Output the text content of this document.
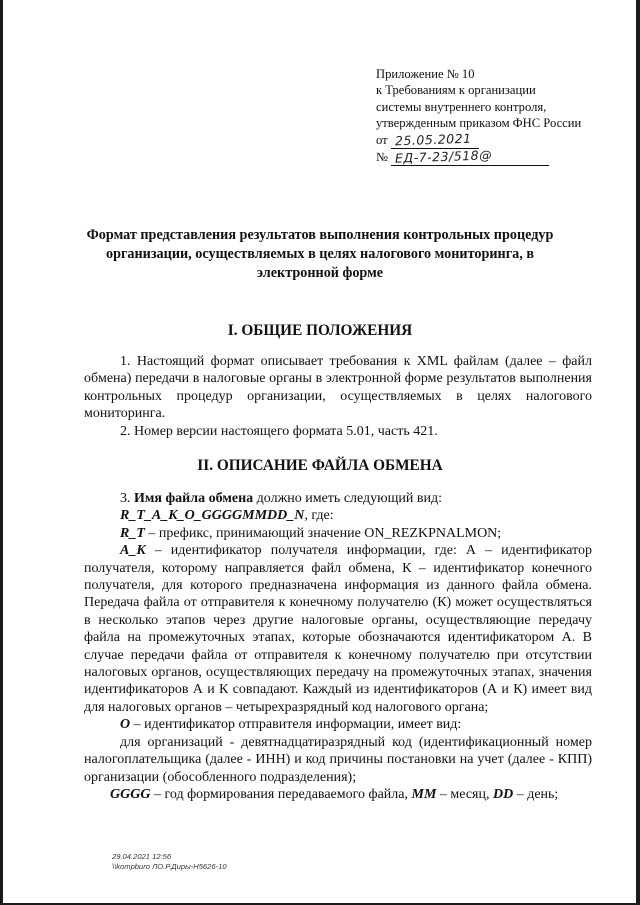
Приложение № 10
к Требованиям к организации
системы внутреннего контроля,
утвержденным приказом ФНС России
от 25.05.2021
№ ЕД-7-23/518@
Формат представления результатов выполнения контрольных процедур
организации, осуществляемых в целях налогового мониторинга, в
электронной форме
I. ОБЩИЕ ПОЛОЖЕНИЯ

1. Настоящий формат описывает требования к XML файлам (далее – файл обмена) передачи в налоговые органы в электронной форме результатов выполнения контрольных процедур организации, осуществляемых в целях налогового мониторинга.

2. Номер версии настоящего формата 5.01, часть 421.

II. ОПИСАНИЕ ФАЙЛА ОБМЕНА

3. Имя файла обмена должно иметь следующий вид:

R_T_A_K_O_GGGGMMDD_N, где:

R_T – префикс, принимающий значение ON_REZKPNALMON;

A_K – идентификатор получателя информации, где: А – идентификатор получателя, которому направляется файл обмена, К – идентификатор конечного получателя, для которого предназначена информация из данного файла обмена. Передача файла от отправителя к конечному получателю (К) может осуществляться в несколько этапов через другие налоговые органы, осуществляющие передачу файла на промежуточных этапах, которые обозначаются идентификатором А. В случае передачи файла от отправителя к конечному получателю при отсутствии налоговых органов, осуществляющих передачу на промежуточных этапах, значения идентификаторов А и К совпадают. Каждый из идентификаторов (А и К) имеет вид для налоговых органов – четырехразрядный код налогового органа;

O – идентификатор отправителя информации, имеет вид:

для организаций - девятнадцатиразрядный код (идентификационный номер налогоплательщика (далее - ИНН) и код причины постановки на учет (далее - КПП) организации (обособленного подразделения);

GGGG – год формирования передаваемого файла, MM – месяц, DD – день;

29.04.2021 12:56
\\kompburo ЛО.Р.Диры-Н5626-10
